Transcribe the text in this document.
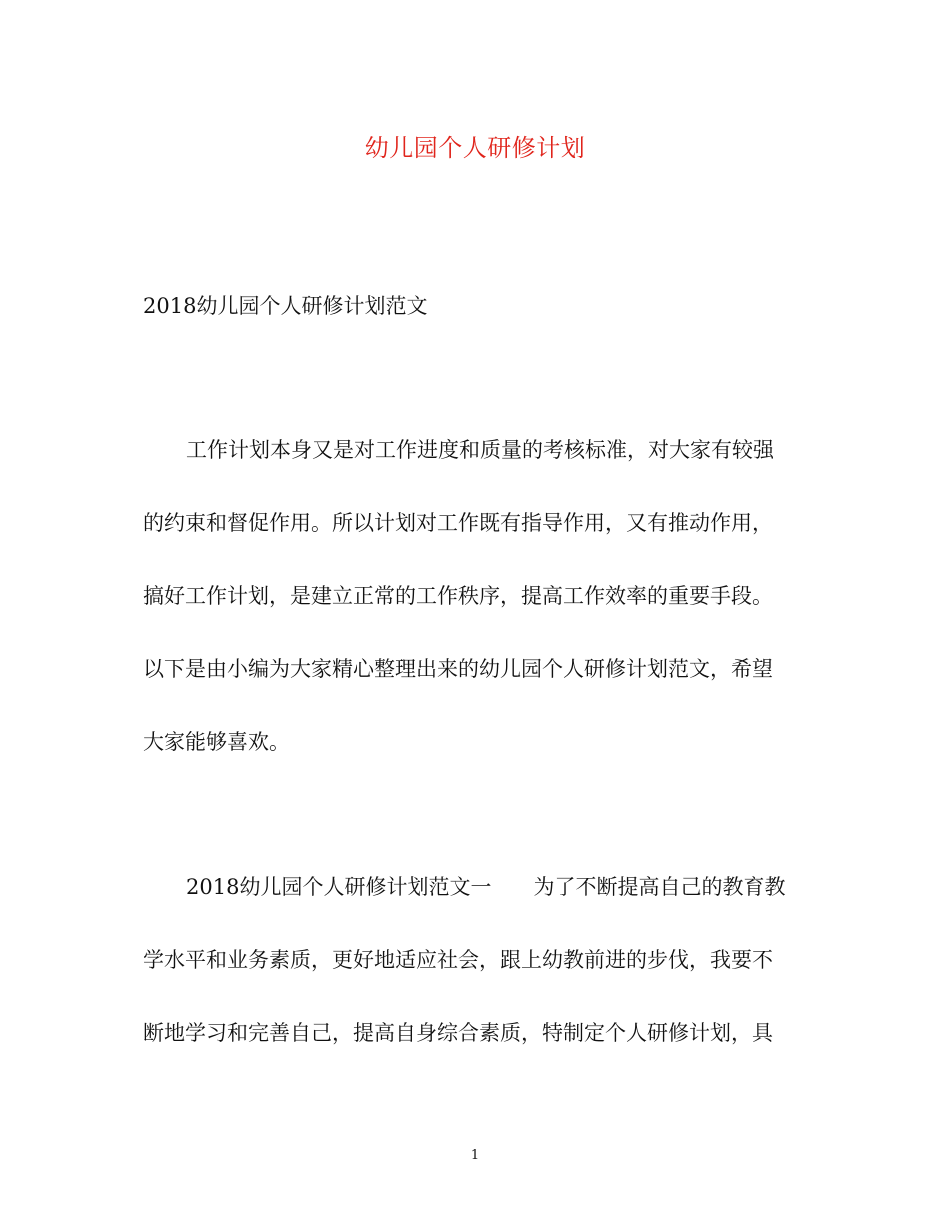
幼儿园个人研修计划
2018幼儿园个人研修计划范文
工作计划本身又是对工作进度和质量的考核标准，对大家有较强
的约束和督促作用。所以计划对工作既有指导作用，又有推动作用，
搞好工作计划，是建立正常的工作秩序，提高工作效率的重要手段。
以下是由小编为大家精心整理出来的幼儿园个人研修计划范文，希望
大家能够喜欢。
2018幼儿园个人研修计划范文一 为了不断提高自己的教育教
学水平和业务素质，更好地适应社会，跟上幼教前进的步伐，我要不
断地学习和完善自己，提高自身综合素质，特制定个人研修计划，具
1
